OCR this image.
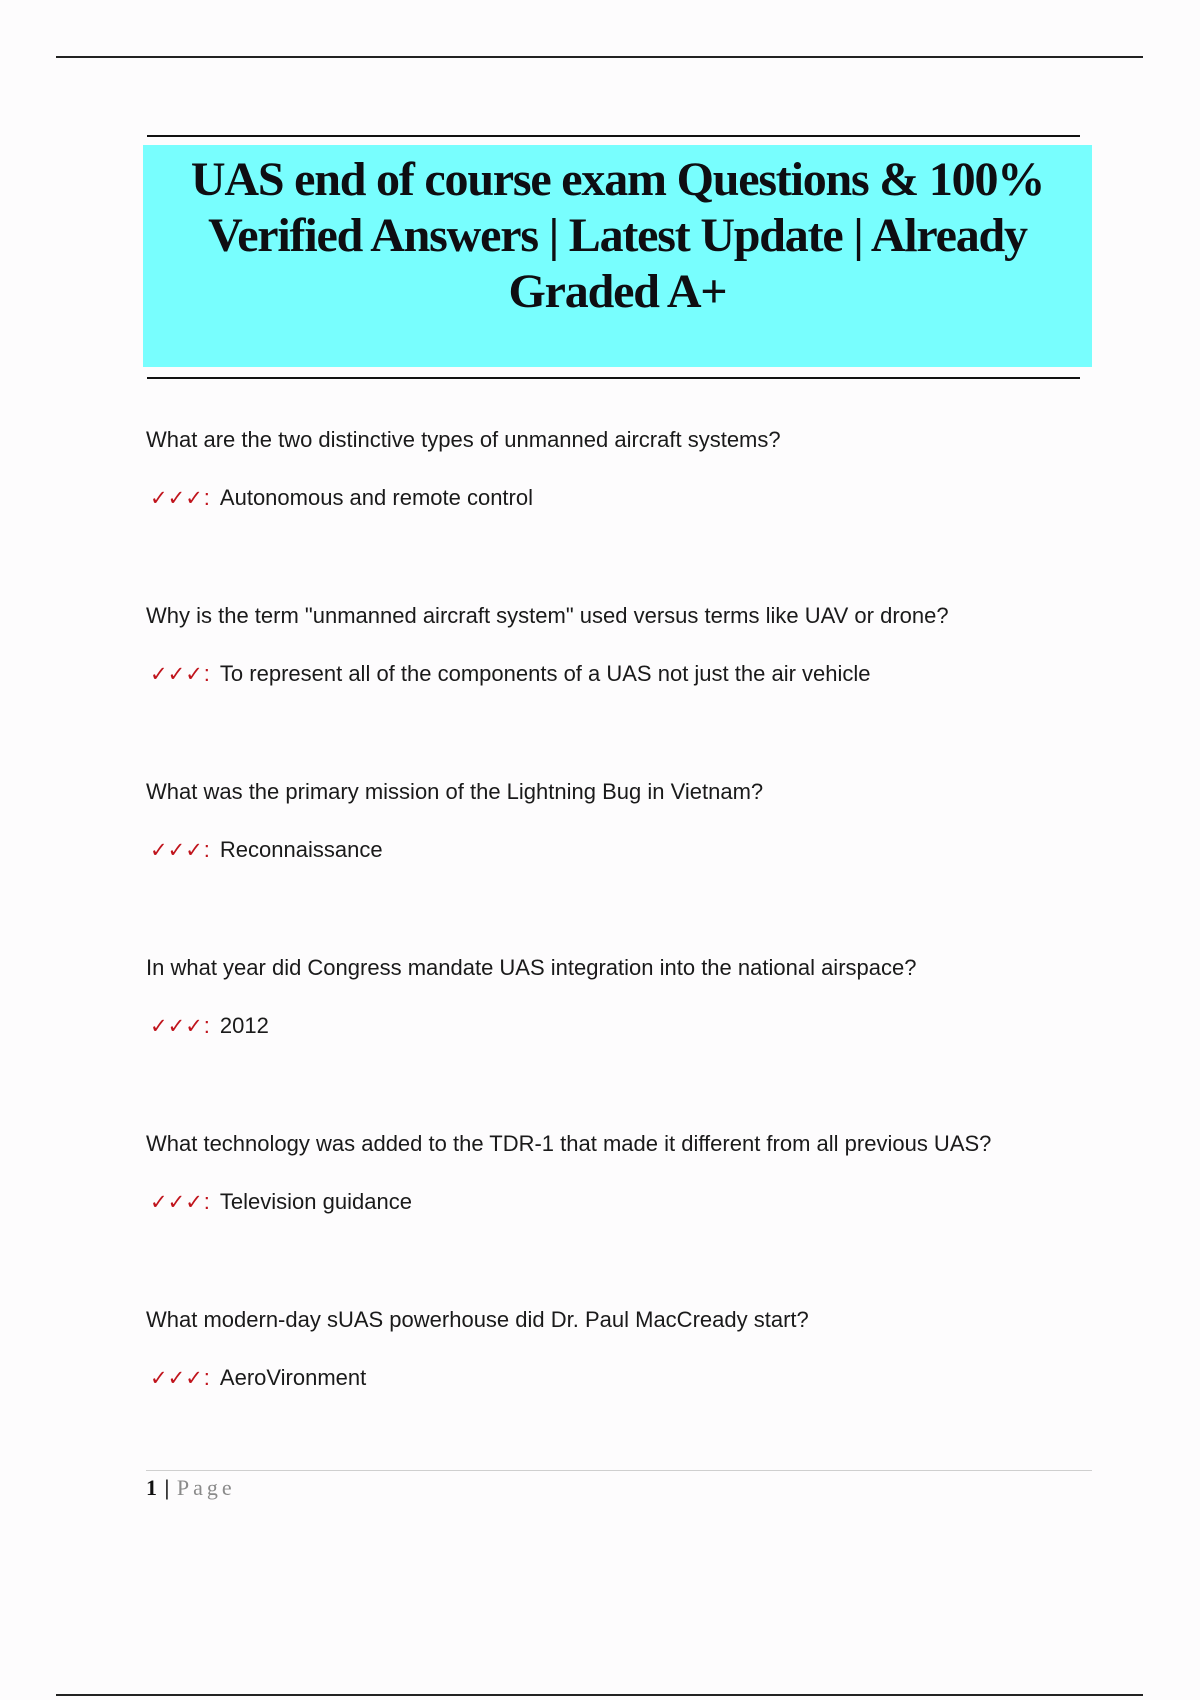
UAS end of course exam Questions & 100%
Verified Answers | Latest Update | Already
Graded A+

What are the two distinctive types of unmanned aircraft systems?

✓✓✓ : Autonomous and remote control

Why is the term "unmanned aircraft system" used versus terms like UAV or drone?

✓✓✓ : To represent all of the components of a UAS not just the air vehicle

What was the primary mission of the Lightning Bug in Vietnam?

✓✓✓ : Reconnaissance

In what year did Congress mandate UAS integration into the national airspace?

✓✓✓ : 2012

What technology was added to the TDR-1 that made it different from all previous UAS?

✓✓✓ : Television guidance

What modern-day sUAS powerhouse did Dr. Paul MacCready start?

✓✓✓ : AeroVironment
1 | Page
